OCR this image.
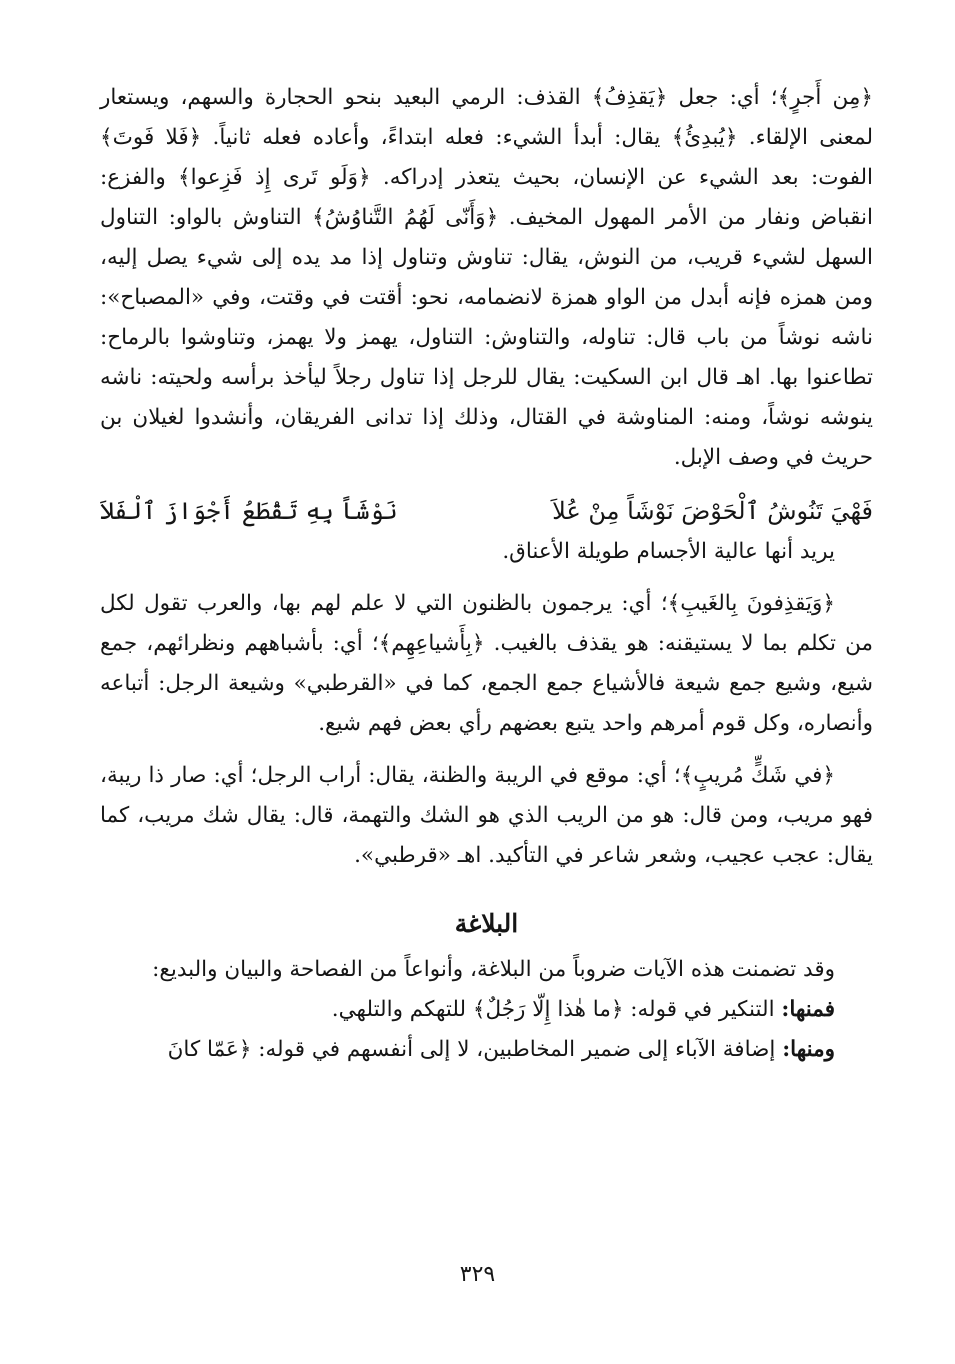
﴿مِن أَجرٍ﴾؛ أي: جعل ﴿يَقذِفُ﴾ القذف: الرمي البعيد بنحو الحجارة والسهم، ويستعار لمعنى الإلقاء. ﴿يُبدِئُ﴾ يقال: أبدأ الشيء: فعله ابتداءً، وأعاده فعله ثانياً. ﴿فَلا فَوتَ﴾ الفوت: بعد الشيء عن الإنسان، بحيث يتعذر إدراكه. ﴿وَلَو تَرى إِذ فَزِعوا﴾ والفزع: انقباض ونفار من الأمر المهول المخيف. ﴿وَأَنّى لَهُمُ التَّناوُشُ﴾ التناوش بالواو: التناول السهل لشيء قريب، من النوش، يقال: تناوش وتناول إذا مد يده إلى شيء يصل إليه، ومن همزه فإنه أبدل من الواو همزة لانضمامه، نحو: أقتت في وقتت، وفي «المصباح»: ناشه نوشاً من باب قال: تناوله، والتناوش: التناول، يهمز ولا يهمز، وتناوشوا بالرماح: تطاعنوا بها. اهـ قال ابن السكيت: يقال للرجل إذا تناول رجلاً ليأخذ برأسه ولحيته: ناشه ينوشه نوشاً، ومنه: المناوشة في القتال، وذلك إذا تدانى الفريقان، وأنشدوا لغيلان بن حريث في وصف الإبل.

فَهْيَ تَنُوشُ ٱلْحَوْضَ نَوْشَاً مِنْ عُلاَ
نَوْشَاً بِهِ تَقْطَعُ أَجْوَازَ ٱلْفَلاَ

يريد أنها عالية الأجسام طويلة الأعناق.

﴿وَيَقذِفونَ بِالغَيبِ﴾؛ أي: يرجمون بالظنون التي لا علم لهم بها، والعرب تقول لكل من تكلم بما لا يستيقنه: هو يقذف بالغيب. ﴿بِأَشياعِهِم﴾؛ أي: بأشباههم ونظرائهم، جمع شيع، وشيع جمع شيعة فالأشياع جمع الجمع، كما في «القرطبي» وشيعة الرجل: أتباعه وأنصاره، وكل قوم أمرهم واحد يتبع بعضهم رأي بعض فهم شيع.

﴿في شَكٍّ مُريبٍ﴾؛ أي: موقع في الريبة والظنة، يقال: أراب الرجل؛ أي: صار ذا ريبة، فهو مريب، ومن قال: هو من الريب الذي هو الشك والتهمة، قال: يقال شك مريب، كما يقال: عجب عجيب، وشعر شاعر في التأكيد. اهـ «قرطبي».

البلاغة

وقد تضمنت هذه الآيات ضروباً من البلاغة، وأنواعاً من الفصاحة والبيان والبديع:

فمنها: التنكير في قوله: ﴿ما هٰذا إِلّا رَجُلٌ﴾ للتهكم والتلهي.

ومنها: إضافة الآباء إلى ضمير المخاطبين، لا إلى أنفسهم في قوله: ﴿عَمّا كانَ

٣٢٩
